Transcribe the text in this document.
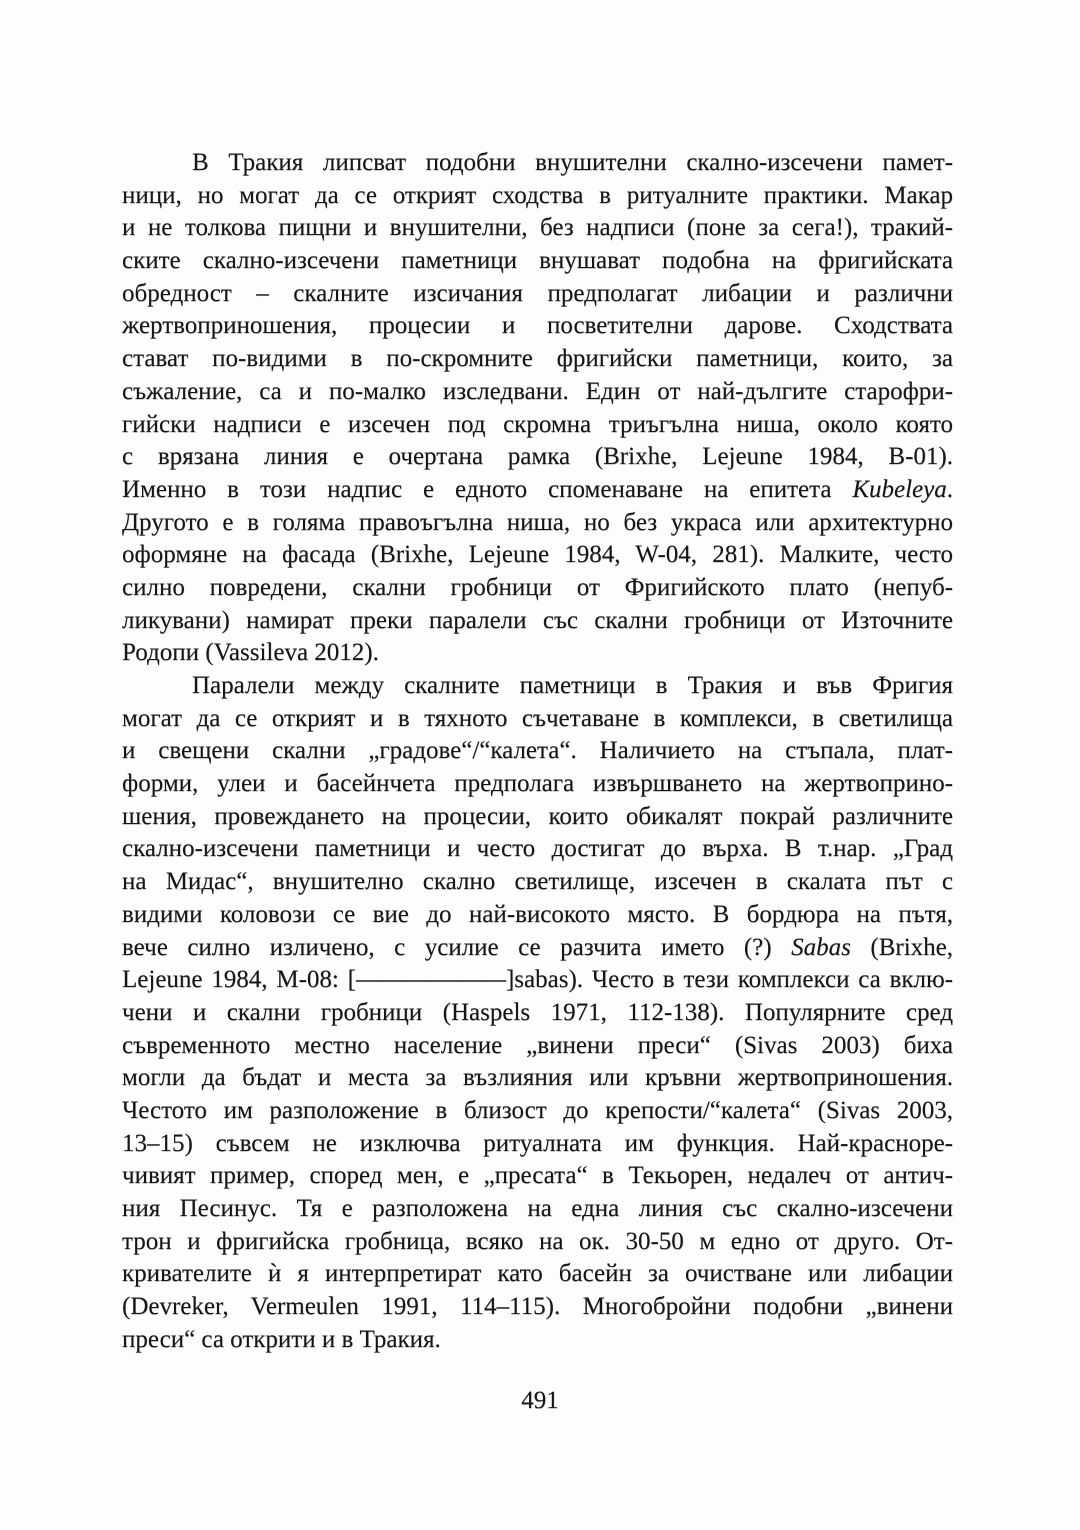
В Тракия липсват подобни внушителни скално-изсечени памет-
ници, но могат да се открият сходства в ритуалните практики. Макар
и не толкова пищни и внушителни, без надписи (поне за сега!), тракий-
ските скално-изсечени паметници внушават подобна на фригийската
обредност – скалните изсичания предполагат либации и различни
жертвоприношения, процесии и посветителни дарове. Сходствата
стават по-видими в по-скромните фригийски паметници, които, за
съжаление, са и по-малко изследвани. Един от най-дългите старофри-
гийски надписи е изсечен под скромна триъгълна ниша, около която
с врязана линия е очертана рамка (Brixhe, Lejeune 1984, B-01).
Именно в този надпис е едното споменаване на епитета Kubeleya.
Другото е в голяма правоъгълна ниша, но без украса или архитектурно
оформяне на фасада (Brixhe, Lejeune 1984, W-04, 281). Малките, често
силно повредени, скални гробници от Фригийското плато (непуб-
ликувани) намират преки паралели със скални гробници от Източните
Родопи (Vassileva 2012).
Паралели между скалните паметници в Тракия и във Фригия
могат да се открият и в тяхното съчетаване в комплекси, в светилища
и свещени скални „градове“/“калета“. Наличието на стъпала, плат-
форми, улеи и басейнчета предполага извършването на жертвоприно-
шения, провеждането на процесии, които обикалят покрай различните
скално-изсечени паметници и често достигат до върха. В т.нар. „Град
на Мидас“, внушително скално светилище, изсечен в скалата път с
видими коловози се вие до най-високото място. В бордюра на пътя,
вече силно изличено, с усилие се разчита името (?) Sabas (Brixhe,
Lejeune 1984, M-08: [——————]sabas). Често в тези комплекси са вклю-
чени и скални гробници (Haspels 1971, 112-138). Популярните сред
съвременното местно население „винени преси“ (Sivas 2003) биха
могли да бъдат и места за възлияния или кръвни жертвоприношения.
Честото им разположение в близост до крепости/“калета“ (Sivas 2003,
13–15) съвсем не изключва ритуалната им функция. Най-красноре-
чивият пример, според мен, е „пресата“ в Текьорен, недалеч от антич-
ния Песинус. Тя е разположена на една линия със скално-изсечени
трон и фригийска гробница, всяко на ок. 30-50 м едно от друго. От-
кривателите ѝ я интерпретират като басейн за очистване или либации
(Devreker, Vermeulen 1991, 114–115). Многобройни подобни „винени
преси“ са открити и в Тракия.
491
